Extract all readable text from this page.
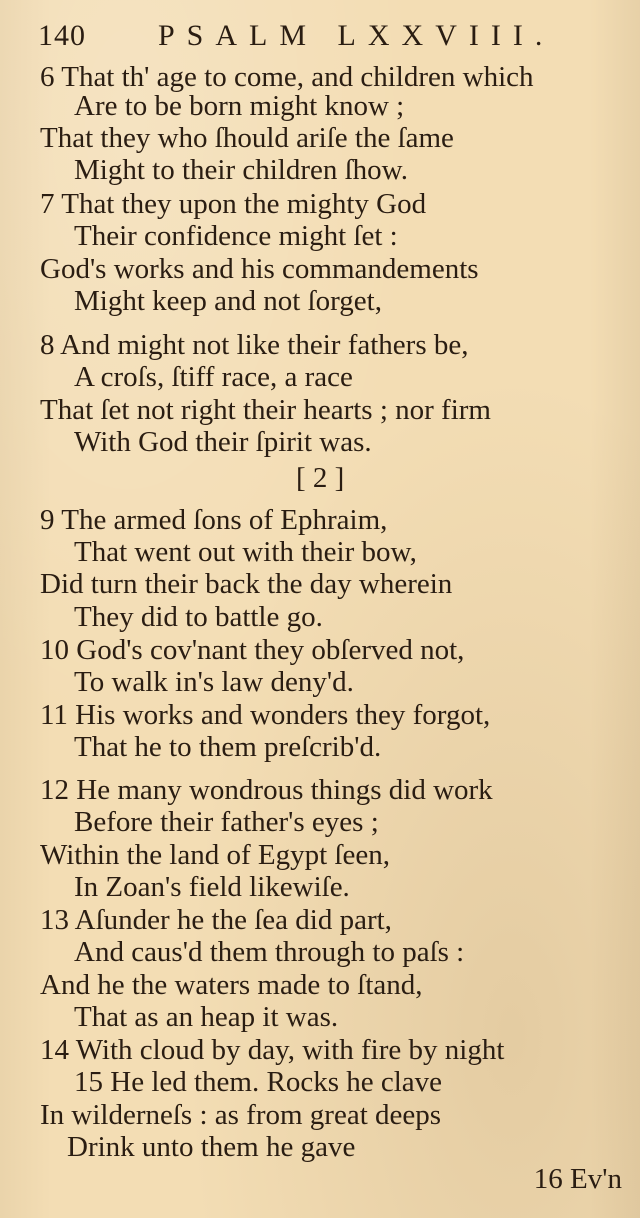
140 PSALM LXXVIII.
6 That th' age to come, and children which
Are to be born might know ;
That they who ſhould ariſe the ſame
Might to their children ſhow.
7 That they upon the mighty God
Their confidence might ſet :
God's works and his commandements
Might keep and not ſorget,
8 And might not like their fathers be,
A croſs, ſtiff race, a race
That ſet not right their hearts ; nor firm
With God their ſpirit was.
[ 2 ]
9 The armed ſons of Ephraim,
That went out with their bow,
Did turn their back the day wherein
They did to battle go.
10 God's cov'nant they obſerved not,
To walk in's law deny'd.
11 His works and wonders they forgot,
That he to them preſcrib'd.
12 He many wondrous things did work
Before their father's eyes ;
Within the land of Egypt ſeen,
In Zoan's field likewiſe.
13 Aſunder he the ſea did part,
And caus'd them through to paſs :
And he the waters made to ſtand,
That as an heap it was.
14 With cloud by day, with fire by night
15 He led them. Rocks he clave
In wilderneſs : as from great deeps
Drink unto them he gave
16 Ev'n
